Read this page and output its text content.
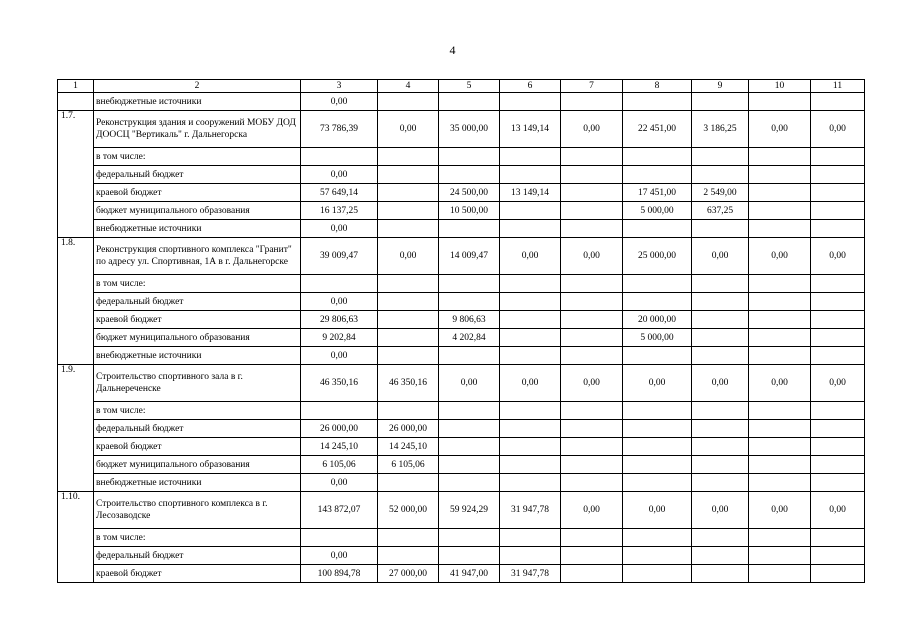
4
1	2	3	4	5	6	7	8	9	10	11
	внебюджетные источники	0,00								
1.7.	Реконструкция здания и сооружений МОБУ ДОД ДООСЦ "Вертикаль" г. Дальнегорска	73 786,39	0,00	35 000,00	13 149,14	0,00	22 451,00	3 186,25	0,00	0,00
	в том числе:									
	федеральный бюджет	0,00								
	краевой бюджет	57 649,14		24 500,00	13 149,14		17 451,00	2 549,00		
	бюджет муниципального образования	16 137,25		10 500,00			5 000,00	637,25		
	внебюджетные источники	0,00								
1.8.	Реконструкция спортивного комплекса "Гранит" по адресу ул. Спортивная, 1А в г. Дальнегорске	39 009,47	0,00	14 009,47	0,00	0,00	25 000,00	0,00	0,00	0,00
	в том числе:									
	федеральный бюджет	0,00								
	краевой бюджет	29 806,63		9 806,63			20 000,00			
	бюджет муниципального образования	9 202,84		4 202,84			5 000,00			
	внебюджетные источники	0,00								
1.9.	Строительство спортивного зала в г. Дальнереченске	46 350,16	46 350,16	0,00	0,00	0,00	0,00	0,00	0,00	0,00
	в том числе:									
	федеральный бюджет	26 000,00	26 000,00							
	краевой бюджет	14 245,10	14 245,10							
	бюджет муниципального образования	6 105,06	6 105,06							
	внебюджетные источники	0,00								
1.10.	Строительство спортивного комплекса в г. Лесозаводске	143 872,07	52 000,00	59 924,29	31 947,78	0,00	0,00	0,00	0,00	0,00
	в том числе:									
	федеральный бюджет	0,00								
	краевой бюджет	100 894,78	27 000,00	41 947,00	31 947,78					
